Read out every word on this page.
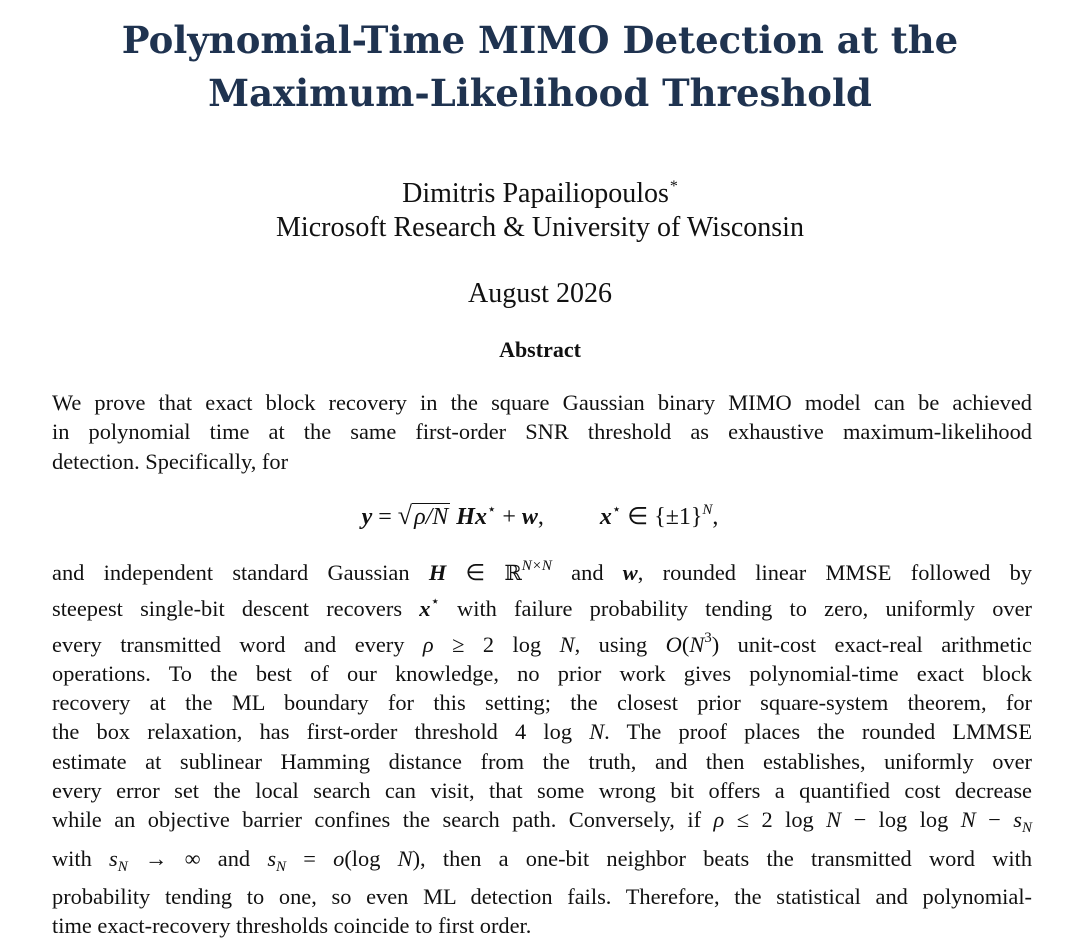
Polynomial-Time MIMO Detection at the
Maximum-Likelihood Threshold
Dimitris Papailiopoulos*
Microsoft Research & University of Wisconsin
August 2026
Abstract
We prove that exact block recovery in the square Gaussian binary MIMO model can be achieved
in polynomial time at the same first-order SNR threshold as exhaustive maximum-likelihood
detection. Specifically, for
y = √ρ/N Hx⋆ + w, x⋆ ∈ $\{\pm 1\}^N$,
and independent standard Gaussian H ∈ ℝ$^{N\times N}$ and w, rounded linear MMSE followed by
steepest single-bit descent recovers x⋆ with failure probability tending to zero, uniformly over
every transmitted word and every ρ ≥ 2 log N, using $O(N^3)$ unit-cost exact-real arithmetic
operations. To the best of our knowledge, no prior work gives polynomial-time exact block
recovery at the ML boundary for this setting; the closest prior square-system theorem, for
the box relaxation, has first-order threshold 4 log N. The proof places the rounded LMMSE
estimate at sublinear Hamming distance from the truth, and then establishes, uniformly over
every error set the local search can visit, that some wrong bit offers a quantified cost decrease
while an objective barrier confines the search path. Conversely, if ρ ≤ 2 $\log N - \log \log N - s_N$
with $s_N$ → ∞ and $s_N = o(\log$ N), then a one-bit neighbor beats the transmitted word with
probability tending to one, so even ML detection fails. Therefore, the statistical and polynomial-
time exact-recovery thresholds coincide to first order.
